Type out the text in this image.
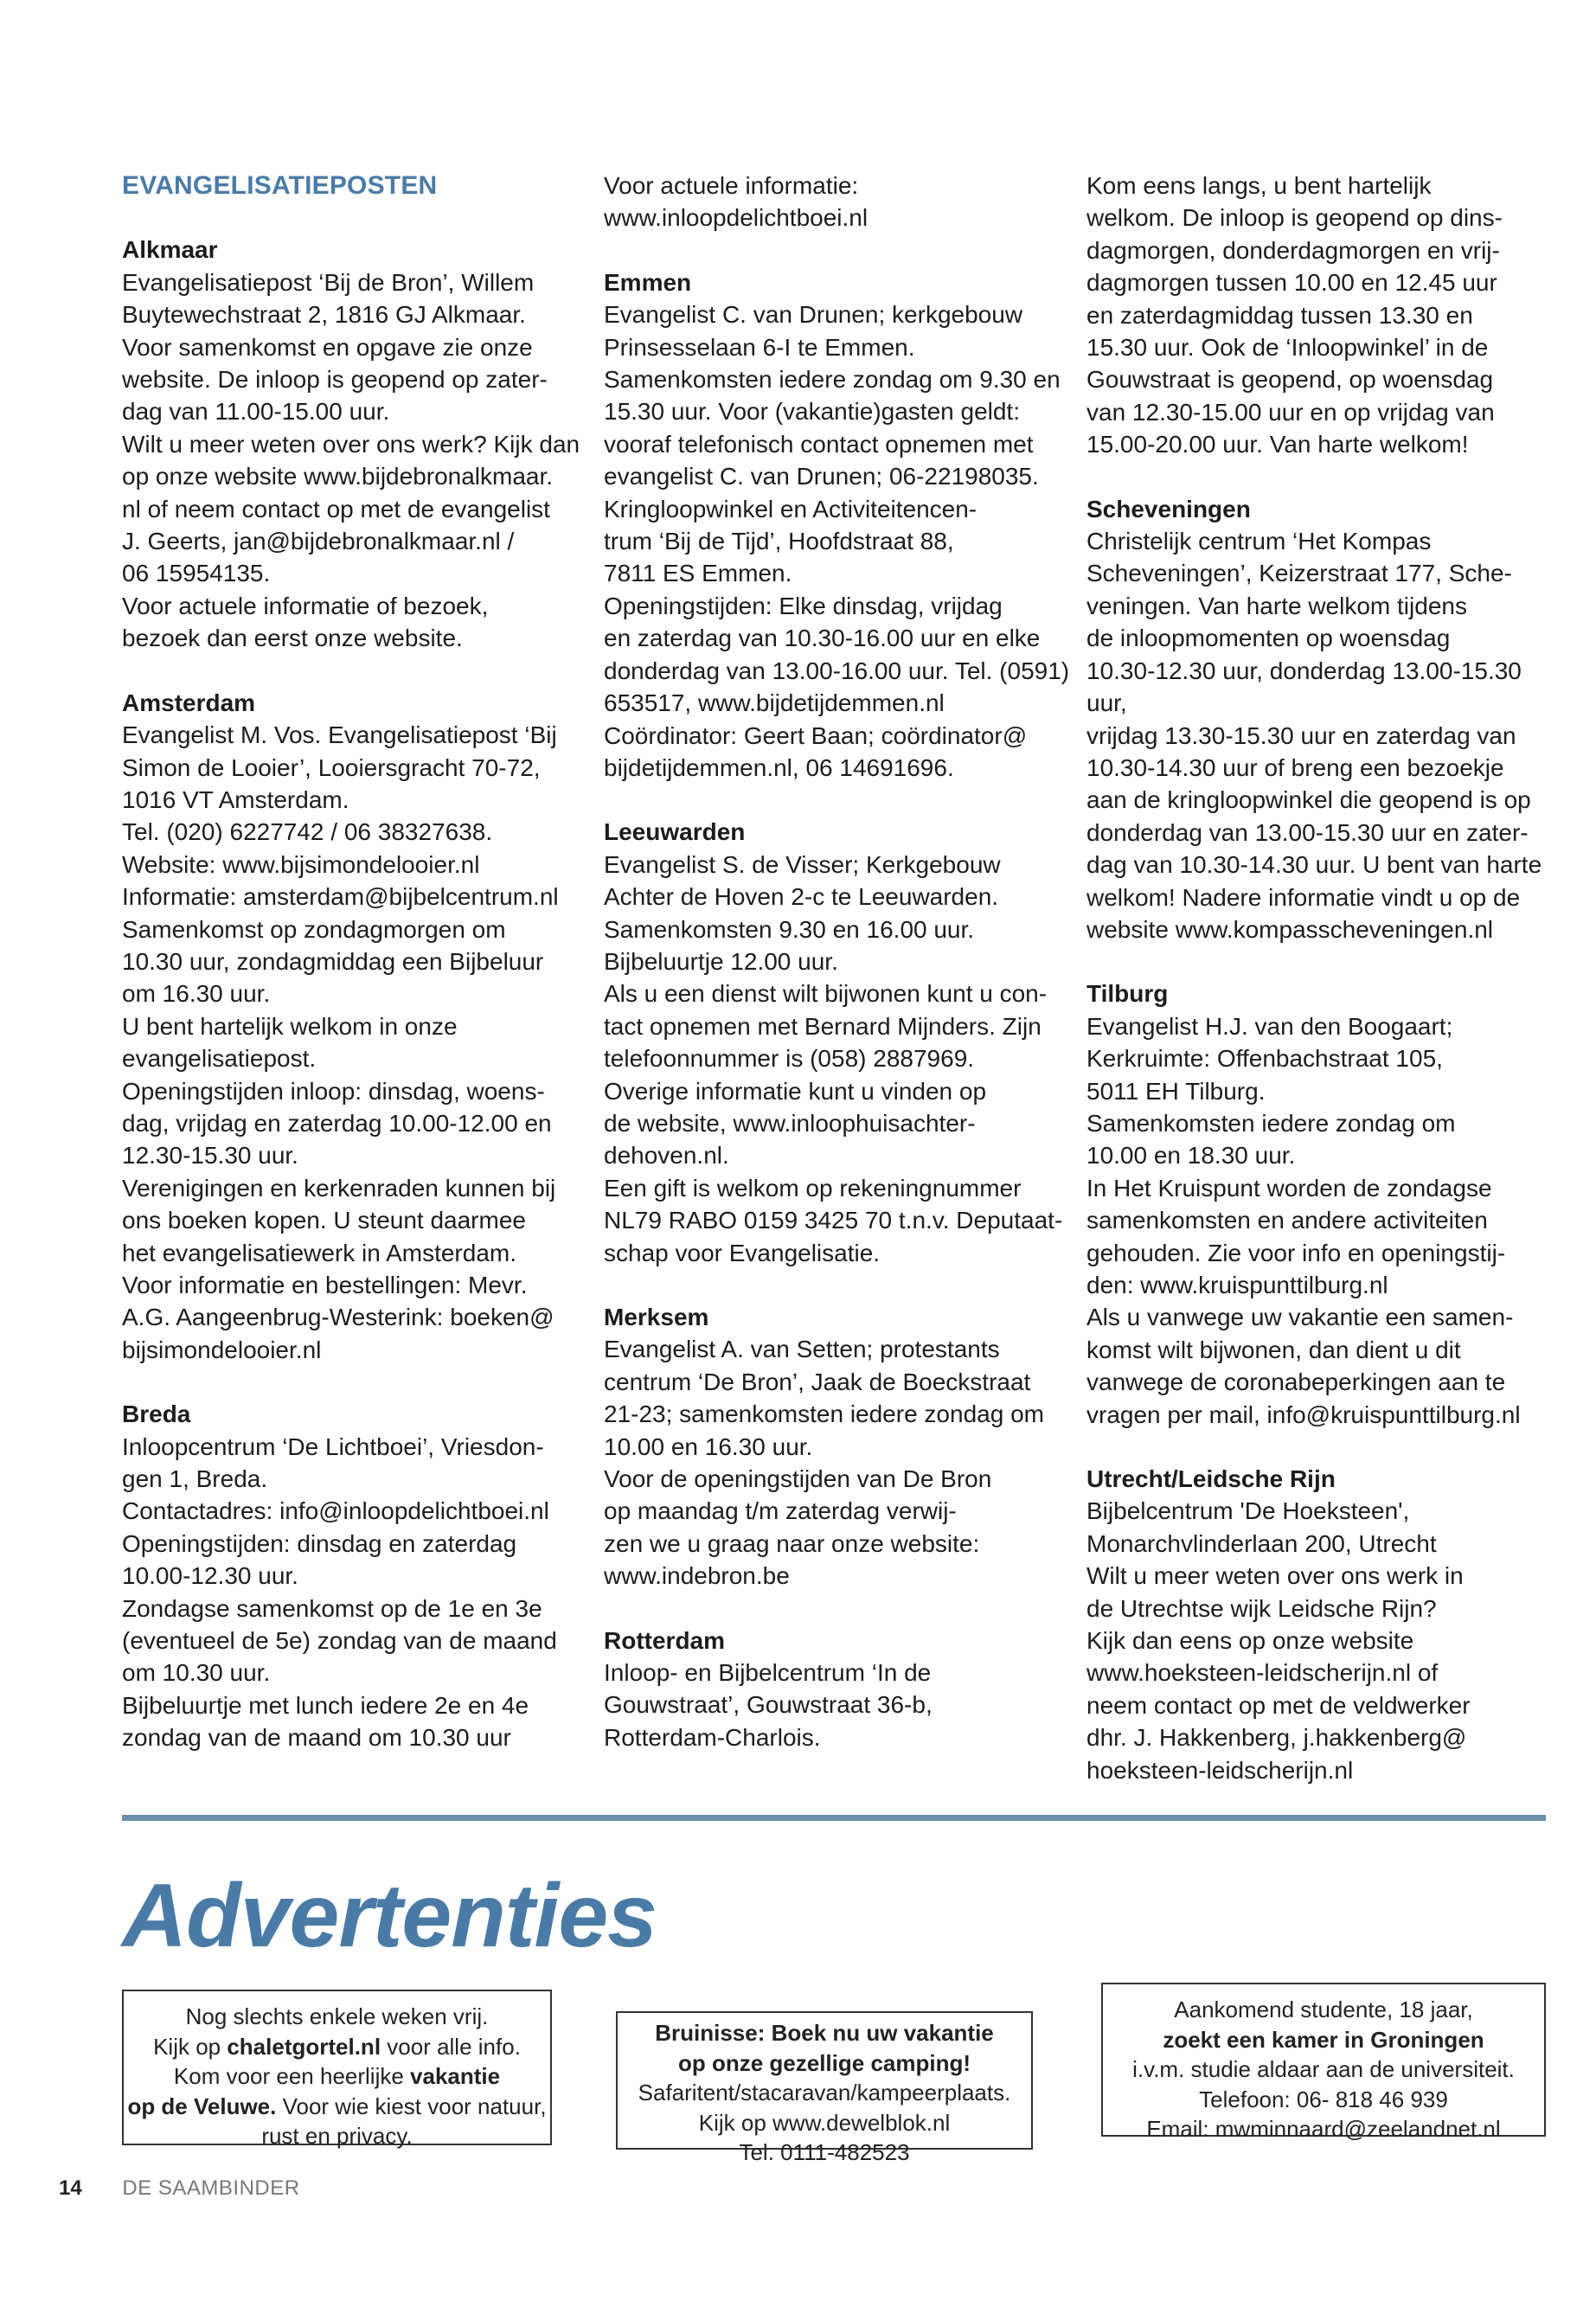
EVANGELISATIEPOSTEN

Alkmaar

Evangelisatiepost ‘Bij de Bron’, Willem

Buytewechstraat 2, 1816 GJ Alkmaar.

Voor samenkomst en opgave zie onze

website. De inloop is geopend op zater-

dag van 11.00-15.00 uur.

Wilt u meer weten over ons werk? Kijk dan

op onze website www.bijdebronalkmaar.

nl of neem contact op met de evangelist

J. Geerts, jan@bijdebronalkmaar.nl /

06 15954135.

Voor actuele informatie of bezoek,

bezoek dan eerst onze website.

Amsterdam

Evangelist M. Vos. Evangelisatiepost ‘Bij

Simon de Looier’, Looiersgracht 70-72,

1016 VT Amsterdam.

Tel. (020) 6227742 / 06 38327638.

Website: www.bijsimondelooier.nl

Informatie: amsterdam@bijbelcentrum.nl

Samenkomst op zondagmorgen om

10.30 uur, zondagmiddag een Bijbeluur

om 16.30 uur.

U bent hartelijk welkom in onze

evangelisatiepost.

Openingstijden inloop: dinsdag, woens-

dag, vrijdag en zaterdag 10.00-12.00 en

12.30-15.30 uur.

Verenigingen en kerkenraden kunnen bij

ons boeken kopen. U steunt daarmee

het evangelisatiewerk in Amsterdam.

Voor informatie en bestellingen: Mevr.

A.G. Aangeenbrug-Westerink: boeken@

bijsimondelooier.nl

Breda

Inloopcentrum ‘De Lichtboei’, Vriesdon-

gen 1, Breda.

Contactadres: info@inloopdelichtboei.nl

Openingstijden: dinsdag en zaterdag

10.00-12.30 uur.

Zondagse samenkomst op de 1e en 3e

(eventueel de 5e) zondag van de maand

om 10.30 uur.

Bijbeluurtje met lunch iedere 2e en 4e

zondag van de maand om 10.30 uur

Voor actuele informatie:

www.inloopdelichtboei.nl

Emmen

Evangelist C. van Drunen; kerkgebouw

Prinsesselaan 6-I te Emmen.

Samenkomsten iedere zondag om 9.30 en

15.30 uur. Voor (vakantie)gasten geldt:

vooraf telefonisch contact opnemen met

evangelist C. van Drunen; 06-22198035.

Kringloopwinkel en Activiteitencen-

trum ‘Bij de Tijd’, Hoofdstraat 88,

7811 ES Emmen.

Openingstijden: Elke dinsdag, vrijdag

en zaterdag van 10.30-16.00 uur en elke

donderdag van 13.00-16.00 uur. Tel. (0591)

653517, www.bijdetijdemmen.nl

Coördinator: Geert Baan; coördinator@

bijdetijdemmen.nl, 06 14691696.

Leeuwarden

Evangelist S. de Visser; Kerkgebouw

Achter de Hoven 2-c te Leeuwarden.

Samenkomsten 9.30 en 16.00 uur.

Bijbeluurtje 12.00 uur.

Als u een dienst wilt bijwonen kunt u con-

tact opnemen met Bernard Mijnders. Zijn

telefoonnummer is (058) 2887969.

Overige informatie kunt u vinden op

de website, www.inloophuisachter-

dehoven.nl.

Een gift is welkom op rekeningnummer

NL79 RABO 0159 3425 70 t.n.v. Deputaat-

schap voor Evangelisatie.

Merksem

Evangelist A. van Setten; protestants

centrum ‘De Bron’, Jaak de Boeckstraat

21-23; samenkomsten iedere zondag om

10.00 en 16.30 uur.

Voor de openingstijden van De Bron

op maandag t/m zaterdag verwij-

zen we u graag naar onze website:

www.indebron.be

Rotterdam

Inloop- en Bijbelcentrum ‘In de

Gouwstraat’, Gouwstraat 36-b,

Rotterdam-Charlois.

Kom eens langs, u bent hartelijk

welkom. De inloop is geopend op dins-

dagmorgen, donderdagmorgen en vrij-

dagmorgen tussen 10.00 en 12.45 uur

en zaterdagmiddag tussen 13.30 en

15.30 uur. Ook de ‘Inloopwinkel’ in de

Gouwstraat is geopend, op woensdag

van 12.30-15.00 uur en op vrijdag van

15.00-20.00 uur. Van harte welkom!

Scheveningen

Christelijk centrum ‘Het Kompas

Scheveningen’, Keizerstraat 177, Sche-

veningen. Van harte welkom tijdens

de inloopmomenten op woensdag

10.30-12.30 uur, donderdag 13.00-15.30 uur,

vrijdag 13.30-15.30 uur en zaterdag van

10.30-14.30 uur of breng een bezoekje

aan de kringloopwinkel die geopend is op

donderdag van 13.00-15.30 uur en zater-

dag van 10.30-14.30 uur. U bent van harte

welkom! Nadere informatie vindt u op de

website www.kompasscheveningen.nl

Tilburg

Evangelist H.J. van den Boogaart;

Kerkruimte: Offenbachstraat 105,

5011 EH Tilburg.

Samenkomsten iedere zondag om

10.00 en 18.30 uur.

In Het Kruispunt worden de zondagse

samenkomsten en andere activiteiten

gehouden. Zie voor info en openingstij-

den: www.kruispunttilburg.nl

Als u vanwege uw vakantie een samen-

komst wilt bijwonen, dan dient u dit

vanwege de coronabeperkingen aan te

vragen per mail, info@kruispunttilburg.nl

Utrecht/Leidsche Rijn

Bijbelcentrum 'De Hoeksteen',

Monarchvlinderlaan 200, Utrecht

Wilt u meer weten over ons werk in

de Utrechtse wijk Leidsche Rijn?

Kijk dan eens op onze website

www.hoeksteen-leidscherijn.nl of

neem contact op met de veldwerker

dhr. J. Hakkenberg, j.hakkenberg@

hoeksteen-leidscherijn.nl

Advertenties

Nog slechts enkele weken vrij.

Kijk op chaletgortel.nl voor alle info.

Kom voor een heerlijke vakantie

op de Veluwe. Voor wie kiest voor natuur,

rust en privacy.

Bruinisse: Boek nu uw vakantie

op onze gezellige camping!

Safaritent/stacaravan/kampeerplaats.

Kijk op www.dewelblok.nl

Tel. 0111-482523

Aankomend studente, 18 jaar,

zoekt een kamer in Groningen

i.v.m. studie aldaar aan de universiteit.

Telefoon: 06- 818 46 939

Email: mwminnaard@zeelandnet.nl

14 DE SAAMBINDER
